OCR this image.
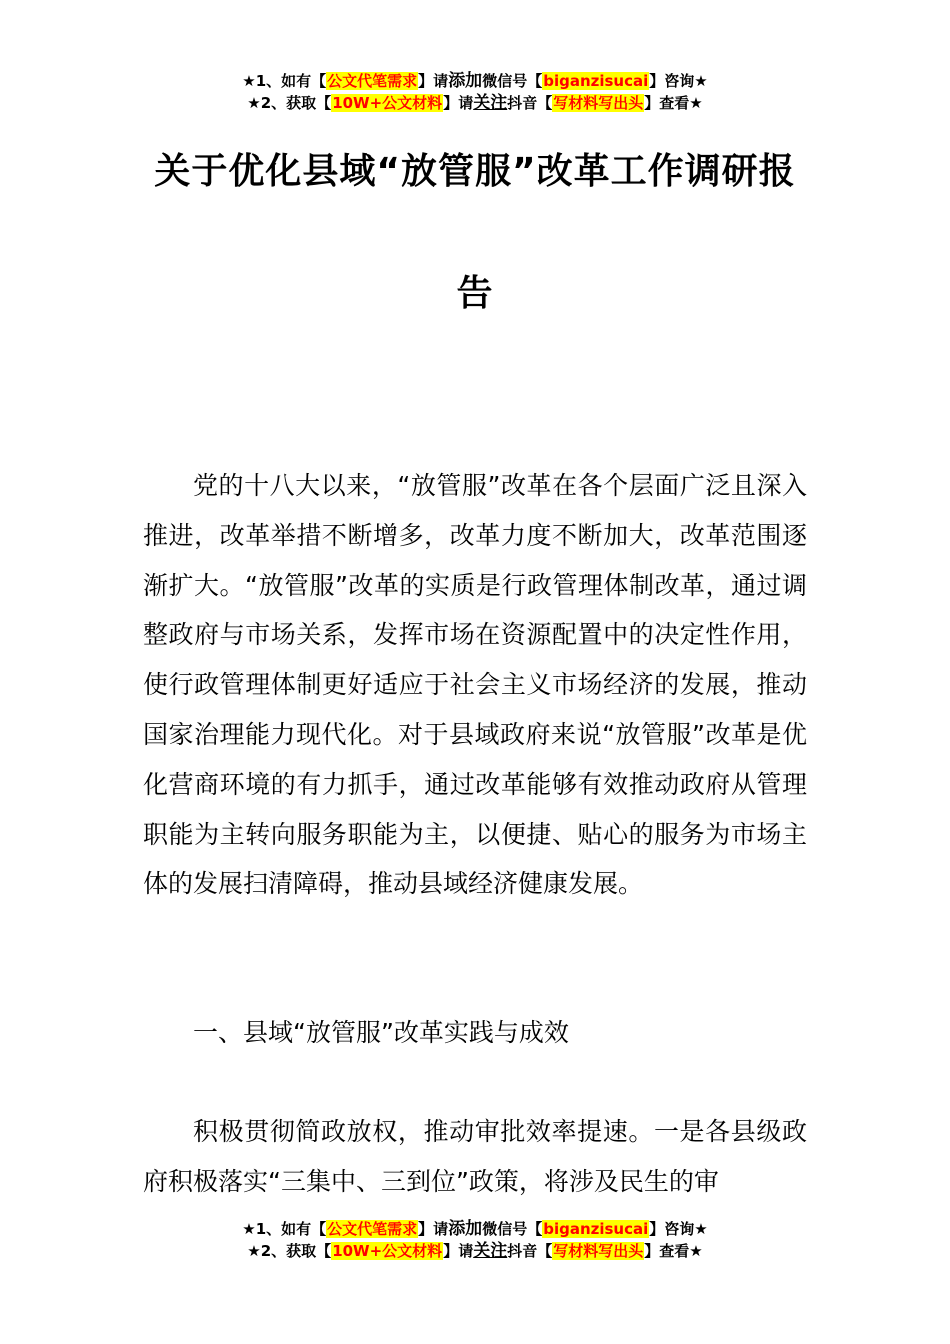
★1、如有【公文代笔需求】请添加微信号【biganzisucai】咨询★
★2、获取【10W+公文材料】请关注抖音【写材料写出头】查看★
关于优化县域“放管服”改革工作调研报
告

党的十八大以来，“放管服”改革在各个层面广泛且深入推进，改革举措不断增多，改革力度不断加大，改革范围逐渐扩大。“放管服”改革的实质是行政管理体制改革，通过调整政府与市场关系，发挥市场在资源配置中的决定性作用，使行政管理体制更好适应于社会主义市场经济的发展，推动国家治理能力现代化。对于县域政府来说“放管服”改革是优化营商环境的有力抓手，通过改革能够有效推动政府从管理职能为主转向服务职能为主，以便捷、贴心的服务为市场主体的发展扫清障碍，推动县域经济健康发展。

一、县域“放管服”改革实践与成效

积极贯彻简政放权，推动审批效率提速。一是各县级政府积极落实“三集中、三到位”政策，将涉及民生的审

★1、如有【公文代笔需求】请添加微信号【biganzisucai】咨询★
★2、获取【10W+公文材料】请关注抖音【写材料写出头】查看★
